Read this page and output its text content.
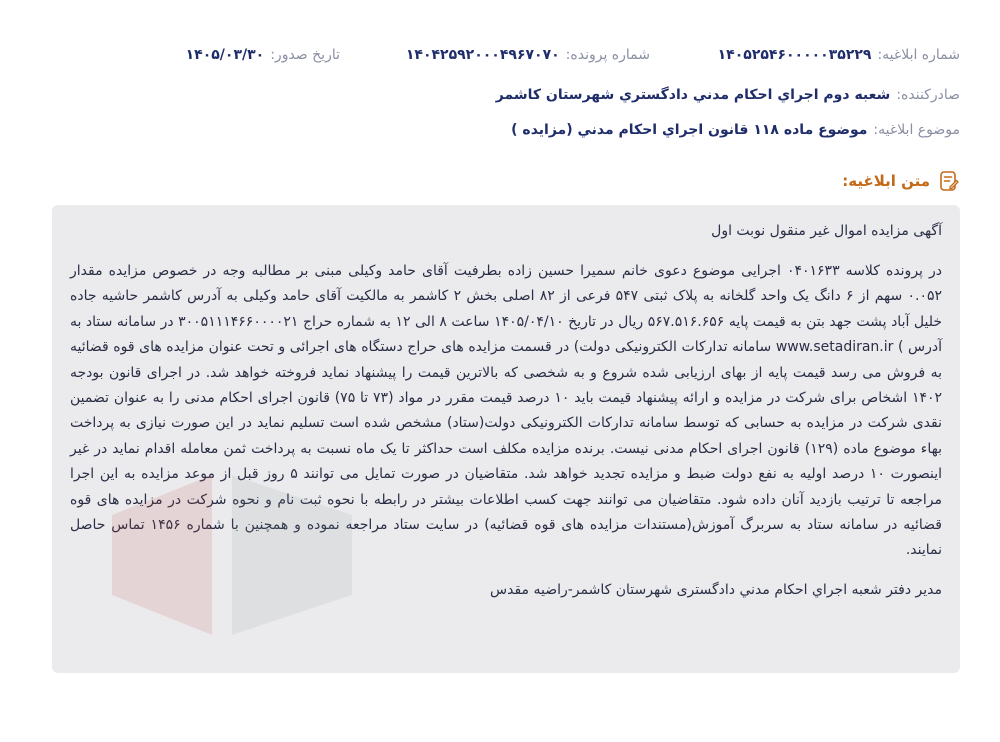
شماره ابلاغیه:
۱۴۰۵۲۵۴۶۰۰۰۰۰۳۵۲۲۹
شماره پرونده:
۱۴۰۴۲۵۹۲۰۰۰۴۹۶۷۰۷۰
تاریخ صدور:
۱۴۰۵/۰۳/۳۰
صادرکننده:
شعبه دوم اجراي احكام مدني دادگستري شهرستان كاشمر
موضوع ابلاغیه:
موضوع ماده ۱۱۸ قانون اجراي احكام مدني (مزايده )
متن ابلاغیه:
آگهی مزایده اموال غیر منقول نوبت اول
در پرونده کلاسه ۰۴۰۱۶۳۳ اجرایی موضوع دعوی خانم سمیرا حسین زاده بطرفیت آقای حامد وکیلی مبنی بر مطالبه وجه در خصوص مزایده مقدار ۰.۰۵۲ سهم از ۶ دانگ یک واحد گلخانه به پلاک ثبتی ۵۴۷ فرعی از ۸۲ اصلی بخش ۲ کاشمر به مالکیت آقای حامد وکیلی به آدرس کاشمر حاشیه جاده خلیل آباد پشت جهد بتن به قیمت پایه ۵۶۷.۵۱۶.۶۵۶ ریال در تاریخ ۱۴۰۵/۰۴/۱۰ ساعت ۸ الی ۱۲ به شماره حراج ۳۰۰۵۱۱۱۴۶۶۰۰۰۰۲۱ در سامانه ستاد به آدرس ) www.setadiran.ir سامانه تدارکات الکترونیکی دولت) در قسمت مزایده های حراج دستگاه های اجرائی و تحت عنوان مزایده های قوه قضائیه به فروش می رسد قیمت پایه از بهای ارزیابی شده شروع و به شخصی که بالاترین قیمت را پیشنهاد نماید فروخته خواهد شد. در اجرای قانون بودجه ۱۴۰۲ اشخاص برای شرکت در مزایده و ارائه پیشنهاد قیمت باید ۱۰ درصد قیمت مقرر در مواد (۷۳ تا ۷۵) قانون اجرای احکام مدنی را به عنوان تضمین نقدی شرکت در مزایده به حسابی که توسط سامانه تدارکات الکترونیکی دولت(ستاد) مشخص شده است تسلیم نماید در این صورت نیازی به پرداخت بهاء موضوع ماده (۱۲۹) قانون اجرای احکام مدنی نیست. برنده مزایده مکلف است حداکثر تا یک ماه نسبت به پرداخت ثمن معامله اقدام نماید در غیر اینصورت ۱۰ درصد اولیه به نفع دولت ضبط و مزایده تجدید خواهد شد. متقاضیان در صورت تمایل می توانند ۵ روز قبل از موعد مزایده به این اجرا مراجعه تا ترتیب بازدید آنان داده شود. متقاضیان می توانند جهت کسب اطلاعات بیشتر در رابطه با نحوه ثبت نام و نحوه شرکت در مزایده های قوه قضائیه در سامانه ستاد به سربرگ آموزش(مستندات مزایده های قوه قضائیه) در سایت ستاد مراجعه نموده و همچنین با شماره ۱۴۵۶ تماس حاصل نمایند.
مدیر دفتر شعبه اجراي احكام مدني دادگستری شهرستان کاشمر-راضیه مقدس
